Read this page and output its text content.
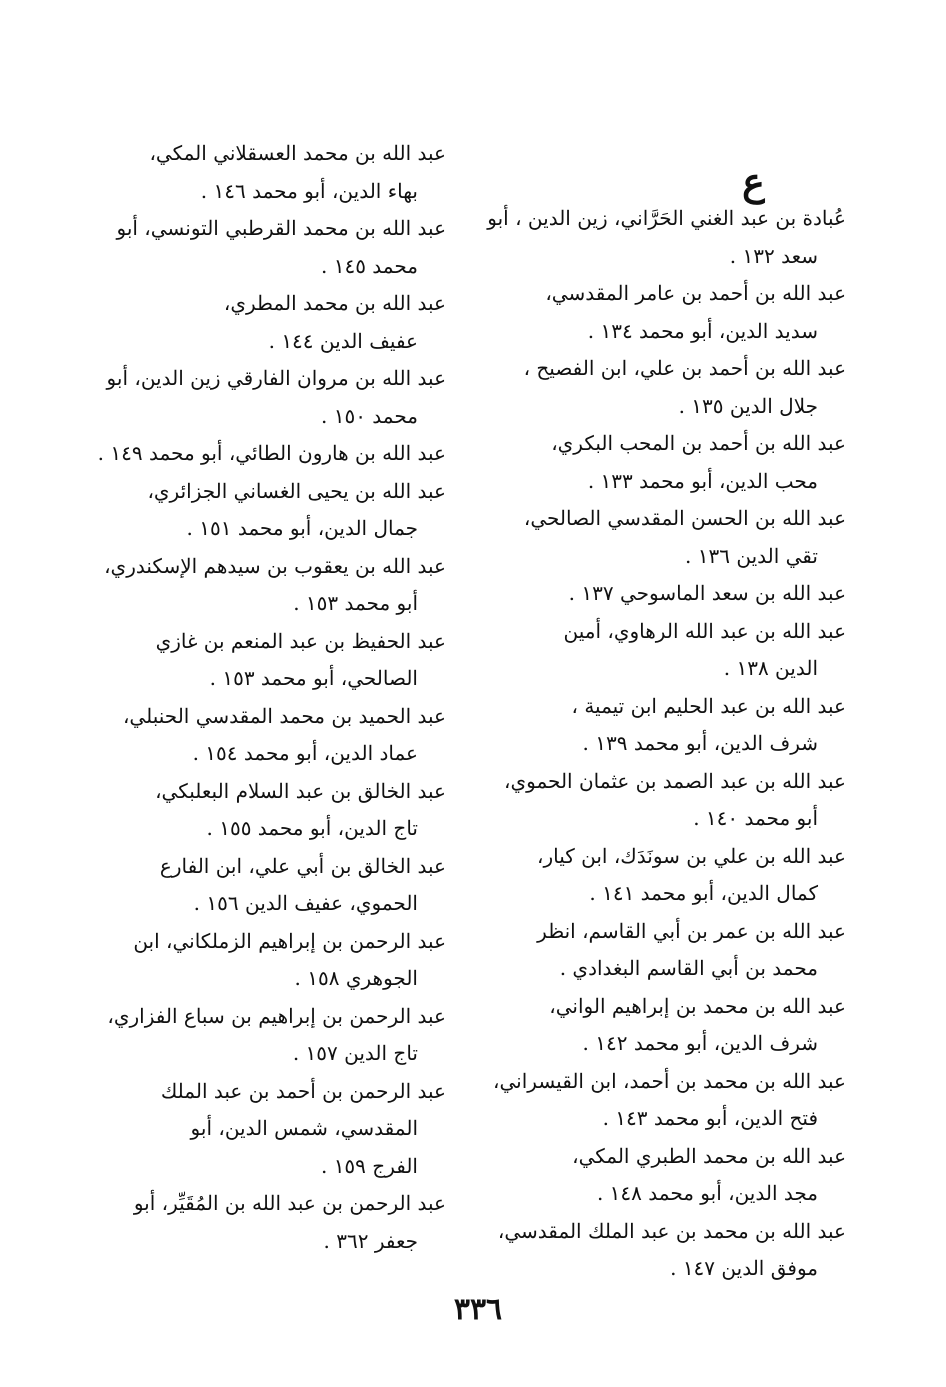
ع
عُبادة بن عبد الغني الحَرَّاني، زين الدين ، أبو
سعد ١٣٢ .
عبد الله بن أحمد بن عامر المقدسي،
سديد الدين، أبو محمد ١٣٤ .
عبد الله بن أحمد بن علي، ابن الفصيح ،
جلال الدين ١٣٥ .
عبد الله بن أحمد بن المحب البكري،
محب الدين، أبو محمد ١٣٣ .
عبد الله بن الحسن المقدسي الصالحي،
تقي الدين ١٣٦ .
عبد الله بن سعد الماسوحي ١٣٧ .
عبد الله بن عبد الله الرهاوي، أمين
الدين ١٣٨ .
عبد الله بن عبد الحليم ابن تيمية ،
شرف الدين، أبو محمد ١٣٩ .
عبد الله بن عبد الصمد بن عثمان الحموي،
أبو محمد ١٤٠ .
عبد الله بن علي بن سونَدَك، ابن كيار،
كمال الدين، أبو محمد ١٤١ .
عبد الله بن عمر بن أبي القاسم، انظر
محمد بن أبي القاسم البغدادي .
عبد الله بن محمد بن إبراهيم الواني،
شرف الدين، أبو محمد ١٤٢ .
عبد الله بن محمد بن أحمد، ابن القيسراني،
فتح الدين، أبو محمد ١٤٣ .
عبد الله بن محمد الطبري المكي،
مجد الدين، أبو محمد ١٤٨ .
عبد الله بن محمد بن عبد الملك المقدسي،
موفق الدين ١٤٧ .
عبد الله بن محمد العسقلاني المكي،
بهاء الدين، أبو محمد ١٤٦ .
عبد الله بن محمد القرطبي التونسي، أبو
محمد ١٤٥ .
عبد الله بن محمد المطري،
عفيف الدين ١٤٤ .
عبد الله بن مروان الفارقي زين الدين، أبو
محمد ١٥٠ .
عبد الله بن هارون الطائي، أبو محمد ١٤٩ .
عبد الله بن يحيى الغساني الجزائري،
جمال الدين، أبو محمد ١٥١ .
عبد الله بن يعقوب بن سيدهم الإسكندري،
أبو محمد ١٥٣ .
عبد الحفيظ بن عبد المنعم بن غازي
الصالحي، أبو محمد ١٥٣ .
عبد الحميد بن محمد المقدسي الحنبلي،
عماد الدين، أبو محمد ١٥٤ .
عبد الخالق بن عبد السلام البعلبكي،
تاج الدين، أبو محمد ١٥٥ .
عبد الخالق بن أبي علي، ابن الفارع
الحموي، عفيف الدين ١٥٦ .
عبد الرحمن بن إبراهيم الزملكاني، ابن
الجوهري ١٥٨ .
عبد الرحمن بن إبراهيم بن سباع الفزاري،
تاج الدين ١٥٧ .
عبد الرحمن بن أحمد بن عبد الملك
المقدسي، شمس الدين، أبو
الفرج ١٥٩ .
عبد الرحمن بن عبد الله بن المُقَيِّر، أبو
جعفر ٣٦٢ .
٣٣٦
